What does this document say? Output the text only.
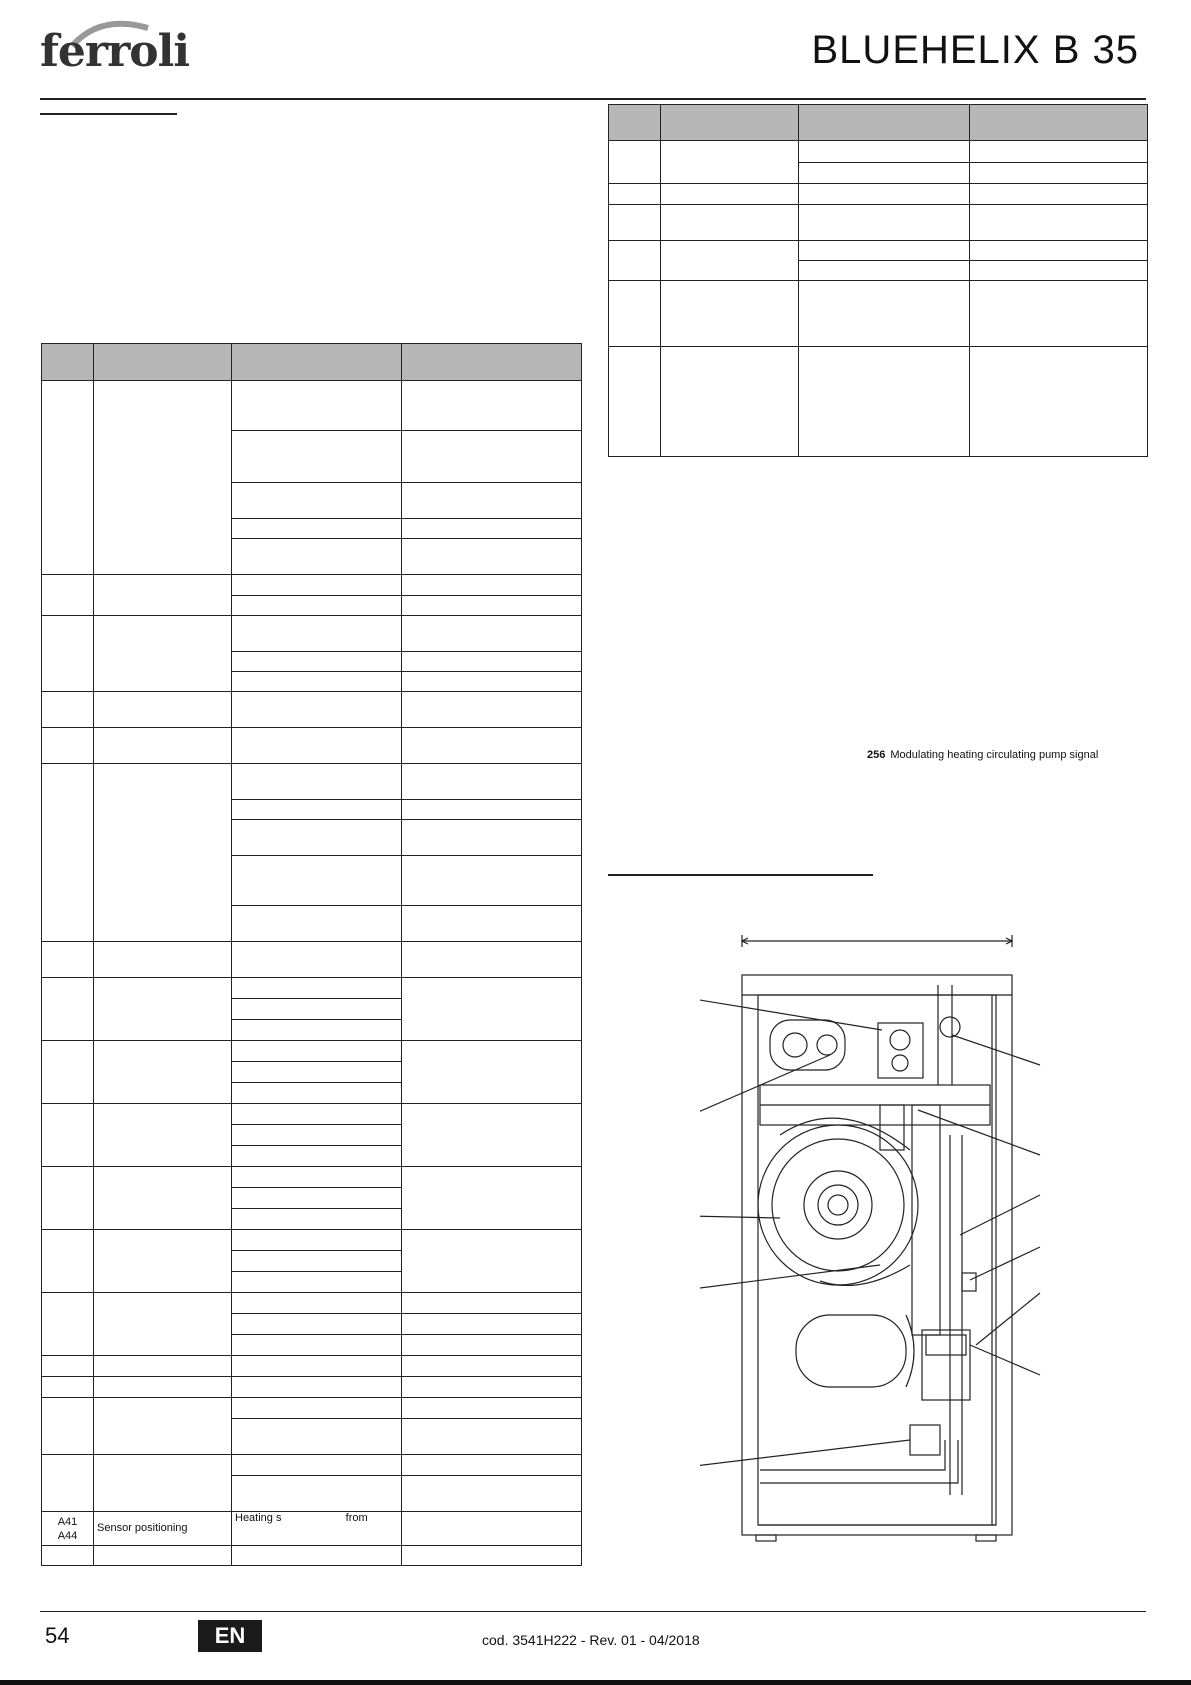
ferroli	BLUEHELIX B 35

A41
A44	Sensor positioning	Heating s                     from	

256 Modulating heating circulating pump signal
54	EN	cod. 3541H222 - Rev. 01 - 04/2018
